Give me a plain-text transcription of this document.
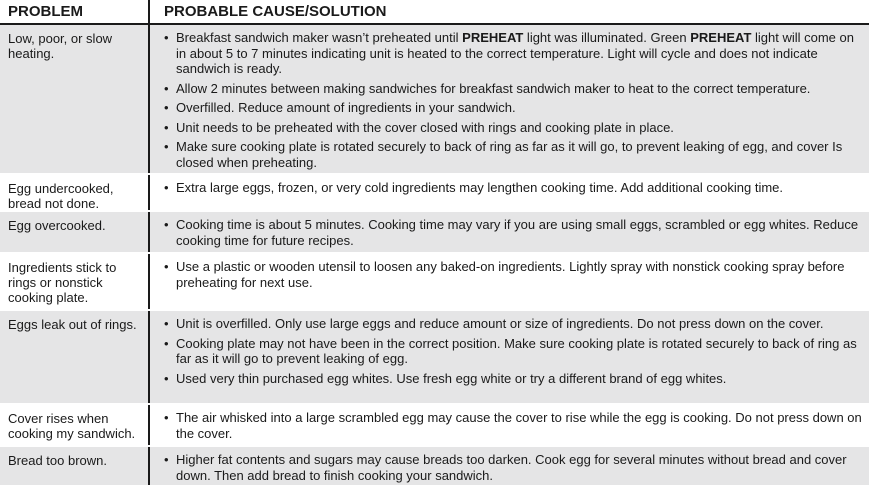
PROBLEM	PROBABLE CAUSE/SOLUTION
Low, poor, or slow heating.
• Breakfast sandwich maker wasn’t preheated until PREHEAT light was illuminated. Green PREHEAT light will come on in about 5 to 7 minutes indicating unit is heated to the correct temperature. Light will cycle and does not indicate sandwich is ready.
• Allow 2 minutes between making sandwiches for breakfast sandwich maker to heat to the correct temperature.
• Overfilled. Reduce amount of ingredients in your sandwich.
• Unit needs to be preheated with the cover closed with rings and cooking plate in place.
• Make sure cooking plate is rotated securely to back of ring as far as it will go, to prevent leaking of egg, and cover Is closed when preheating.
Egg undercooked, bread not done.
• Extra large eggs, frozen, or very cold ingredients may lengthen cooking time. Add additional cooking time.
Egg overcooked.	• Cooking time is about 5 minutes. Cooking time may vary if you are using small eggs, scrambled or egg whites. Reduce cooking time for future recipes.
Ingredients stick to rings or nonstick cooking plate.
• Use a plastic or wooden utensil to loosen any baked-on ingredients. Lightly spray with nonstick cooking spray before preheating for next use.
Eggs leak out of rings.	• Unit is overfilled. Only use large eggs and reduce amount or size of ingredients. Do not press down on the cover.
• Cooking plate may not have been in the correct position. Make sure cooking plate is rotated securely to back of ring as far as it will go to prevent leaking of egg.
• Used very thin purchased egg whites. Use fresh egg white or try a different brand of egg whites.
Cover rises when cooking my sandwich.
• The air whisked into a large scrambled egg may cause the cover to rise while the egg is cooking. Do not press down on the cover.
Bread too brown.	• Higher fat contents and sugars may cause breads too darken. Cook egg for several minutes without bread and cover down. Then add bread to finish cooking your sandwich.
